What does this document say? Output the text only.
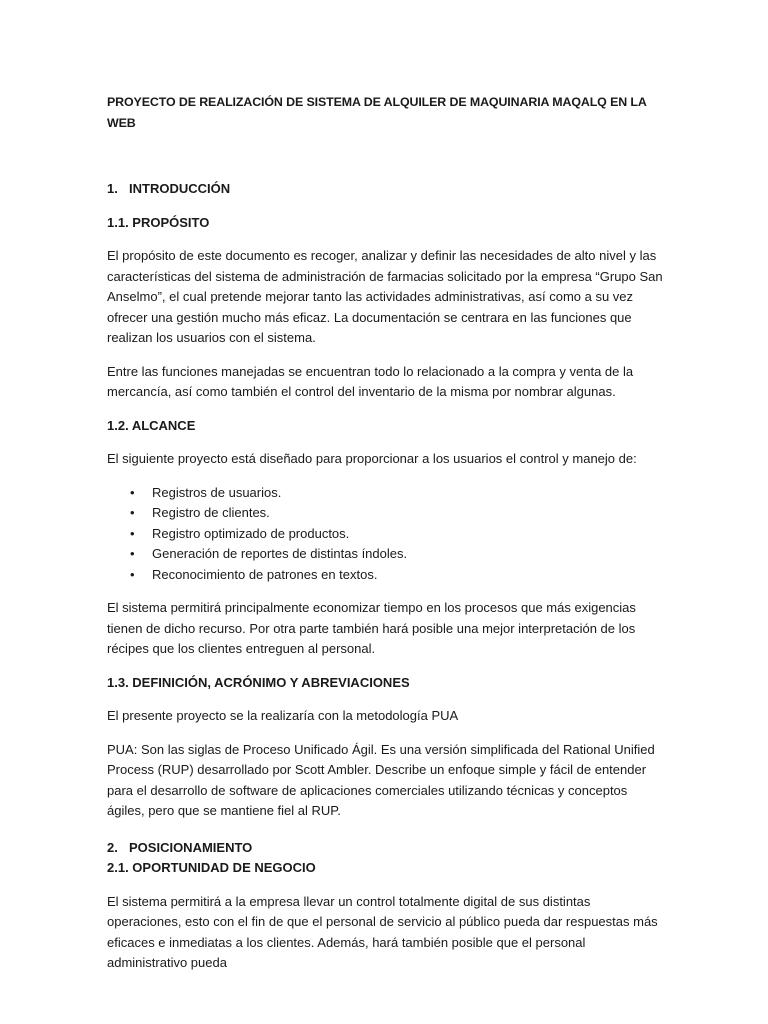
PROYECTO DE REALIZACIÓN DE SISTEMA DE ALQUILER DE MAQUINARIA MAQALQ EN LA WEB
1. INTRODUCCIÓN
1.1. PROPÓSITO

El propósito de este documento es recoger, analizar y definir las necesidades de alto nivel y las características del sistema de administración de farmacias solicitado por la empresa “Grupo San Anselmo”, el cual pretende mejorar tanto las actividades administrativas, así como a su vez ofrecer una gestión mucho más eficaz. La documentación se centrara en las funciones que realizan los usuarios con el sistema.

Entre las funciones manejadas se encuentran todo lo relacionado a la compra y venta de la mercancía, así como también el control del inventario de la misma por nombrar algunas.

1.2. ALCANCE

El siguiente proyecto está diseñado para proporcionar a los usuarios el control y manejo de:

• Registros de usuarios.
• Registro de clientes.
• Registro optimizado de productos.
• Generación de reportes de distintas índoles.
• Reconocimiento de patrones en textos.

El sistema permitirá principalmente economizar tiempo en los procesos que más exigencias tienen de dicho recurso. Por otra parte también hará posible una mejor interpretación de los récipes que los clientes entreguen al personal.

1.3. DEFINICIÓN, ACRÓNIMO Y ABREVIACIONES

El presente proyecto se la realizaría con la metodología PUA

PUA: Son las siglas de Proceso Unificado Ágil. Es una versión simplificada del Rational Unified Process (RUP) desarrollado por Scott Ambler. Describe un enfoque simple y fácil de entender para el desarrollo de software de aplicaciones comerciales utilizando técnicas y conceptos ágiles, pero que se mantiene fiel al RUP.

2. POSICIONAMIENTO
2.1. OPORTUNIDAD DE NEGOCIO

El sistema permitirá a la empresa llevar un control totalmente digital de sus distintas operaciones, esto con el fin de que el personal de servicio al público pueda dar respuestas más eficaces e inmediatas a los clientes. Además, hará también posible que el personal administrativo pueda
